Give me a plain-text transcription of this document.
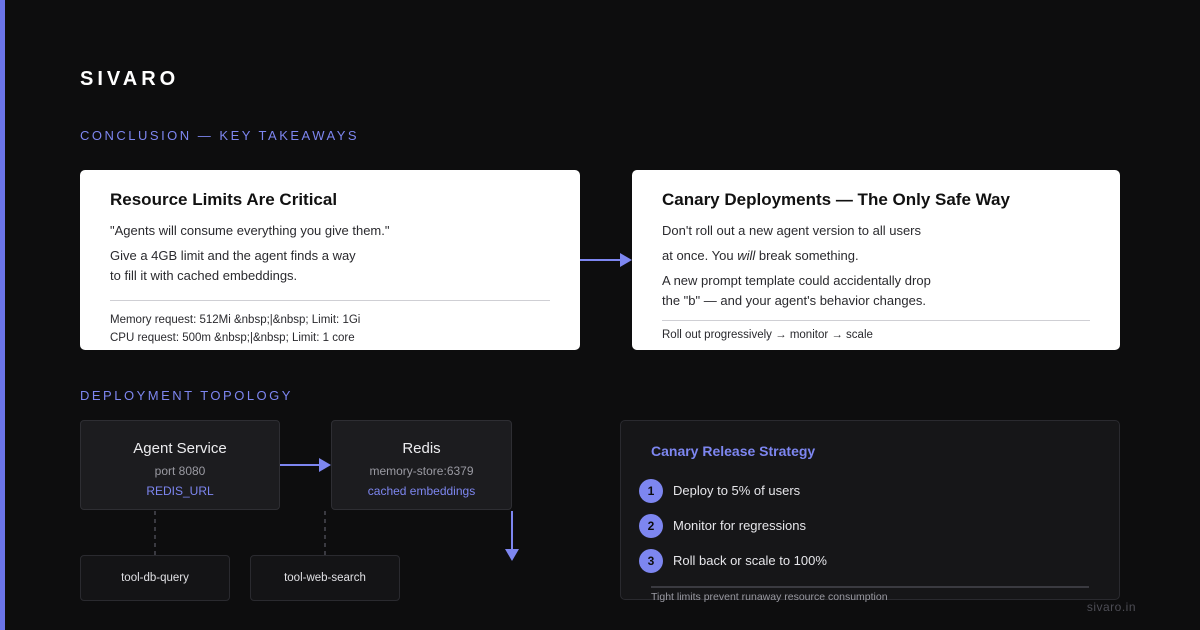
SIVARO
CONCLUSION — KEY TAKEAWAYS
Resource Limits Are Critical
"Agents will consume everything you give them."
Give a 4GB limit and the agent finds a way
to fill it with cached embeddings.
Memory request: 512Mi &nbsp;|&nbsp; Limit: 1Gi
CPU request: 500m &nbsp;|&nbsp; Limit: 1 core
Canary Deployments — The Only Safe Way
Don't roll out a new agent version to all users
at once. You will break something.
A new prompt template could accidentally drop
the "b" — and your agent's behavior changes.
Roll out progressively → monitor → scale
DEPLOYMENT TOPOLOGY
Agent Service
port 8080
REDIS_URL
Redis
memory-store:6379
cached embeddings
tool-db-query	tool-web-search
Canary Release Strategy
1	Deploy to 5% of users
2	Monitor for regressions
3	Roll back or scale to 100%
Tight limits prevent runaway resource consumption
sivaro.in
